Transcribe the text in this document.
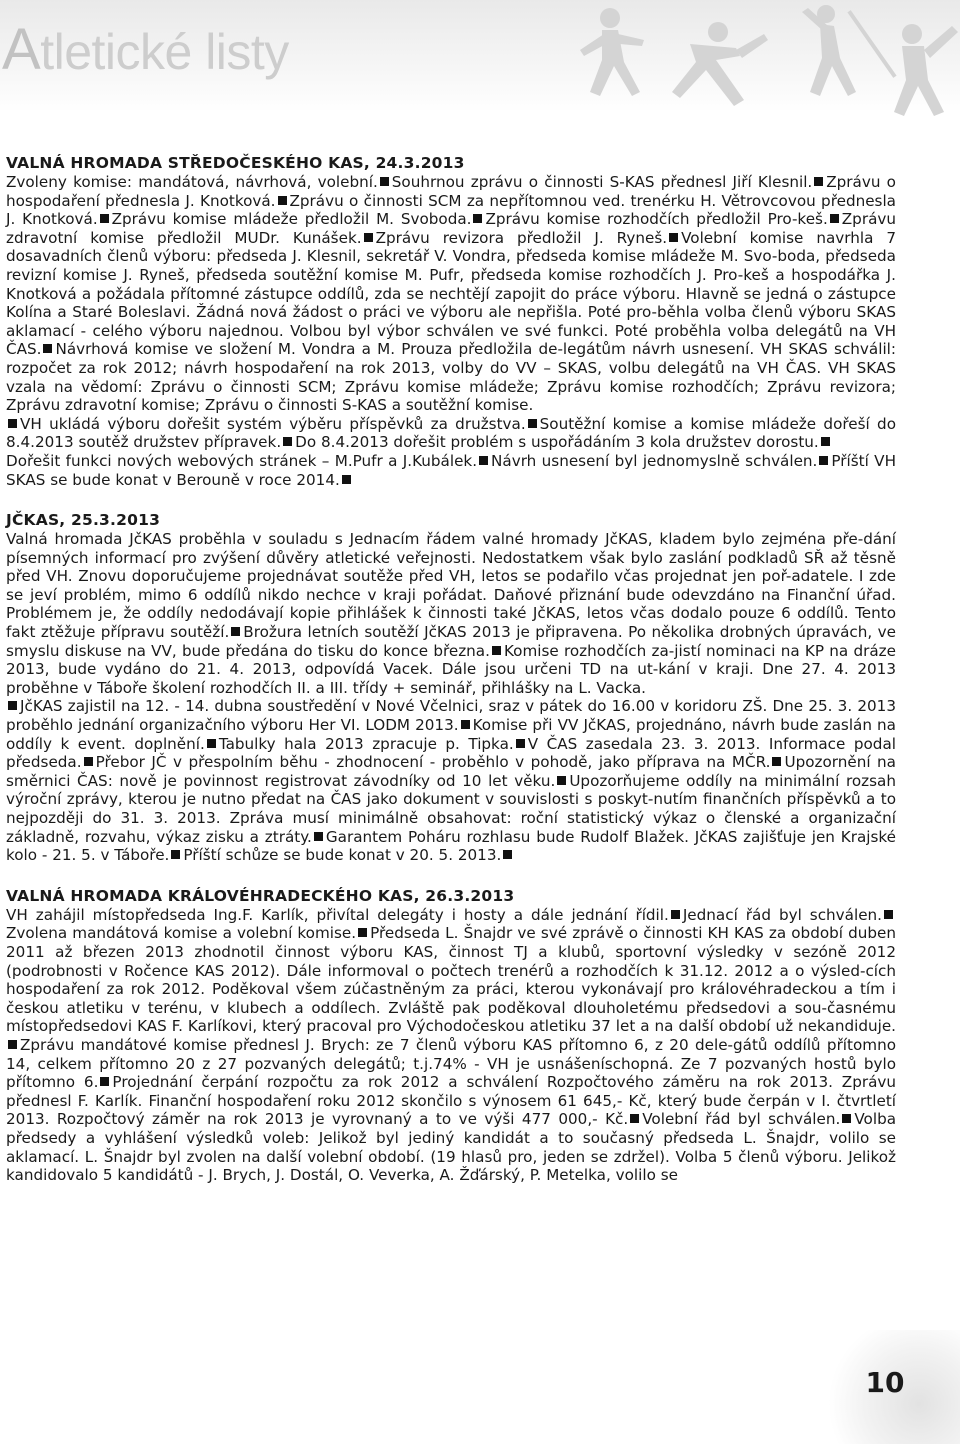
Atletické listy

VALNÁ HROMADA STŘEDOČESKÉHO KAS, 24.3.2013

Zvoleny komise: mandátová, návrhová, volební. Souhrnou zprávu o činnosti S-KAS přednesl Jiří Klesnil. Zprávu o hospodaření přednesla J. Knotková. Zprávu o činnosti SCM za nepřítomnou ved. trenérku H. Větrovcovou přednesla J. Knotková. Zprávu komise mládeže předložil M. Svoboda. Zprávu komise rozhodčích předložil Pro-keš. Zprávu zdravotní komise předložil MUDr. Kunášek. Zprávu revizora předložil J. Ryneš. Volební komise navrhla 7 dosavadních členů výboru: předseda J. Klesnil, sekretář V. Vondra, předseda komise mládeže M. Svo-boda, předseda revizní komise J. Ryneš, předseda soutěžní komise M. Pufr, předseda komise rozhodčích J. Pro-keš a hospodářka J. Knotková a požádala přítomné zástupce oddílů, zda se nechtějí zapojit do práce výboru. Hlavně se jedná o zástupce Kolína a Staré Boleslavi. Žádná nová žádost o práci ve výboru ale nepřišla. Poté pro-běhla volba členů výboru SKAS aklamací - celého výboru najednou. Volbou byl výbor schválen ve své funkci. Poté proběhla volba delegátů na VH ČAS. Návrhová komise ve složení M. Vondra a M. Prouza předložila de-legátům návrh usnesení. VH SKAS schválil: rozpočet za rok 2012; návrh hospodaření na rok 2013, volby do VV – SKAS, volbu delegátů na VH ČAS. VH SKAS vzala na vědomí: Zprávu o činnosti SCM; Zprávu komise mládeže; Zprávu komise rozhodčích; Zprávu revizora; Zprávu zdravotní komise; Zprávu o činnosti S-KAS a soutěžní komise.
VH ukládá výboru dořešit systém výběru příspěvků za družstva. Soutěžní komise a komise mládeže dořeší do 8.4.2013 soutěž družstev přípravek. Do 8.4.2013 dořešit problém s uspořádáním 3 kola družstev dorostu.
Dořešit funkci nových webových stránek – M.Pufr a J.Kubálek. Návrh usnesení byl jednomyslně schválen. Příští VH SKAS se bude konat v Berouně v roce 2014.

JČKAS, 25.3.2013

Valná hromada JčKAS proběhla v souladu s Jednacím řádem valné hromady JčKAS, kladem bylo zejména pře-dání písemných informací pro zvýšení důvěry atletické veřejnosti. Nedostatkem však bylo zaslání podkladů SŘ až těsně před VH. Znovu doporučujeme projednávat soutěže před VH, letos se podařilo včas projednat jen poř-adatele. I zde se jeví problém, mimo 6 oddílů nikdo nechce v kraji pořádat. Daňové přiznání bude odevzdáno na Finanční úřad. Problémem je, že oddíly nedodávají kopie přihlášek k činnosti také JčKAS, letos včas dodalo pouze 6 oddílů. Tento fakt ztěžuje přípravu soutěží. Brožura letních soutěží JčKAS 2013 je připravena. Po několika drobných úpravách, ve smyslu diskuse na VV, bude předána do tisku do konce března. Komise rozhodčích za-jistí nominaci na KP na dráze 2013, bude vydáno do 21. 4. 2013, odpovídá Vacek. Dále jsou určeni TD na ut-kání v kraji. Dne 27. 4. 2013 proběhne v Táboře školení rozhodčích II. a III. třídy + seminář, přihlášky na L. Vacka.
JčKAS zajistil na 12. - 14. dubna soustředění v Nové Včelnici, sraz v pátek do 16.00 v koridoru ZŠ. Dne 25. 3. 2013 proběhlo jednání organizačního výboru Her VI. LODM 2013. Komise při VV JčKAS, projednáno, návrh bude zaslán na oddíly k event. doplnění. Tabulky hala 2013 zpracuje p. Tipka. V ČAS zasedala 23. 3. 2013. Informace podal předseda. Přebor JČ v přespolním běhu - zhodnocení - proběhlo v pohodě, jako příprava na MČR. Upozornění na směrnici ČAS: nově je povinnost registrovat závodníky od 10 let věku. Upozorňujeme oddíly na minimální rozsah výroční zprávy, kterou je nutno předat na ČAS jako dokument v souvislosti s poskyt-nutím finančních příspěvků a to nejpozději do 31. 3. 2013. Zpráva musí minimálně obsahovat: roční statistický výkaz o členské a organizační základně, rozvahu, výkaz zisku a ztráty. Garantem Poháru rozhlasu bude Rudolf Blažek. JčKAS zajišťuje jen Krajské kolo - 21. 5. v Táboře. Příští schůze se bude konat v 20. 5. 2013.

VALNÁ HROMADA KRÁLOVÉHRADECKÉHO KAS, 26.3.2013

VH zahájil místopředseda Ing.F. Karlík, přivítal delegáty i hosty a dále jednání řídil. Jednací řád byl schválen.Zvolena mandátová komise a volební komise. Předseda L. Šnajdr ve své zprávě o činnosti KH KAS za období duben 2011 až březen 2013 zhodnotil činnost výboru KAS, činnost TJ a klubů, sportovní výsledky v sezóně 2012 (podrobnosti v Ročence KAS 2012). Dále informoval o počtech trenérů a rozhodčích k 31.12. 2012 a o výsled-cích hospodaření za rok 2012. Poděkoval všem zúčastněným za práci, kterou vykonávají pro královéhradeckou a tím i českou atletiku v terénu, v klubech a oddílech. Zvláště pak poděkoval dlouholetému předsedovi a sou-časnému místopředsedovi KAS F. Karlíkovi, který pracoval pro Východočeskou atletiku 37 let a na další období už nekandiduje.Zprávu mandátové komise přednesl J. Brych: ze 7 členů výboru KAS přítomno 6, z 20 dele-gátů oddílů přítomno 14, celkem přítomno 20 z 27 pozvaných delegátů; t.j.74% - VH je usnášeníschopná. Ze 7 pozvaných hostů bylo přítomno 6. Projednání čerpání rozpočtu za rok 2012 a schválení Rozpočtového záměru na rok 2013. Zprávu přednesl F. Karlík. Finanční hospodaření roku 2012 skončilo s výnosem 61 645,- Kč, který bude čerpán v I. čtvrtletí 2013. Rozpočtový záměr na rok 2013 je vyrovnaný a to ve výši 477 000,- Kč. Volební řád byl schválen. Volba předsedy a vyhlášení výsledků voleb: Jelikož byl jediný kandidát a to současný předseda L. Šnajdr, volilo se aklamací. L. Šnajdr byl zvolen na další volební období. (19 hlasů pro, jeden se zdržel). Volba 5 členů výboru. Jelikož kandidovalo 5 kandidátů - J. Brych, J. Dostál, O. Veverka, A. Žďárský, P. Metelka, volilo se

10
